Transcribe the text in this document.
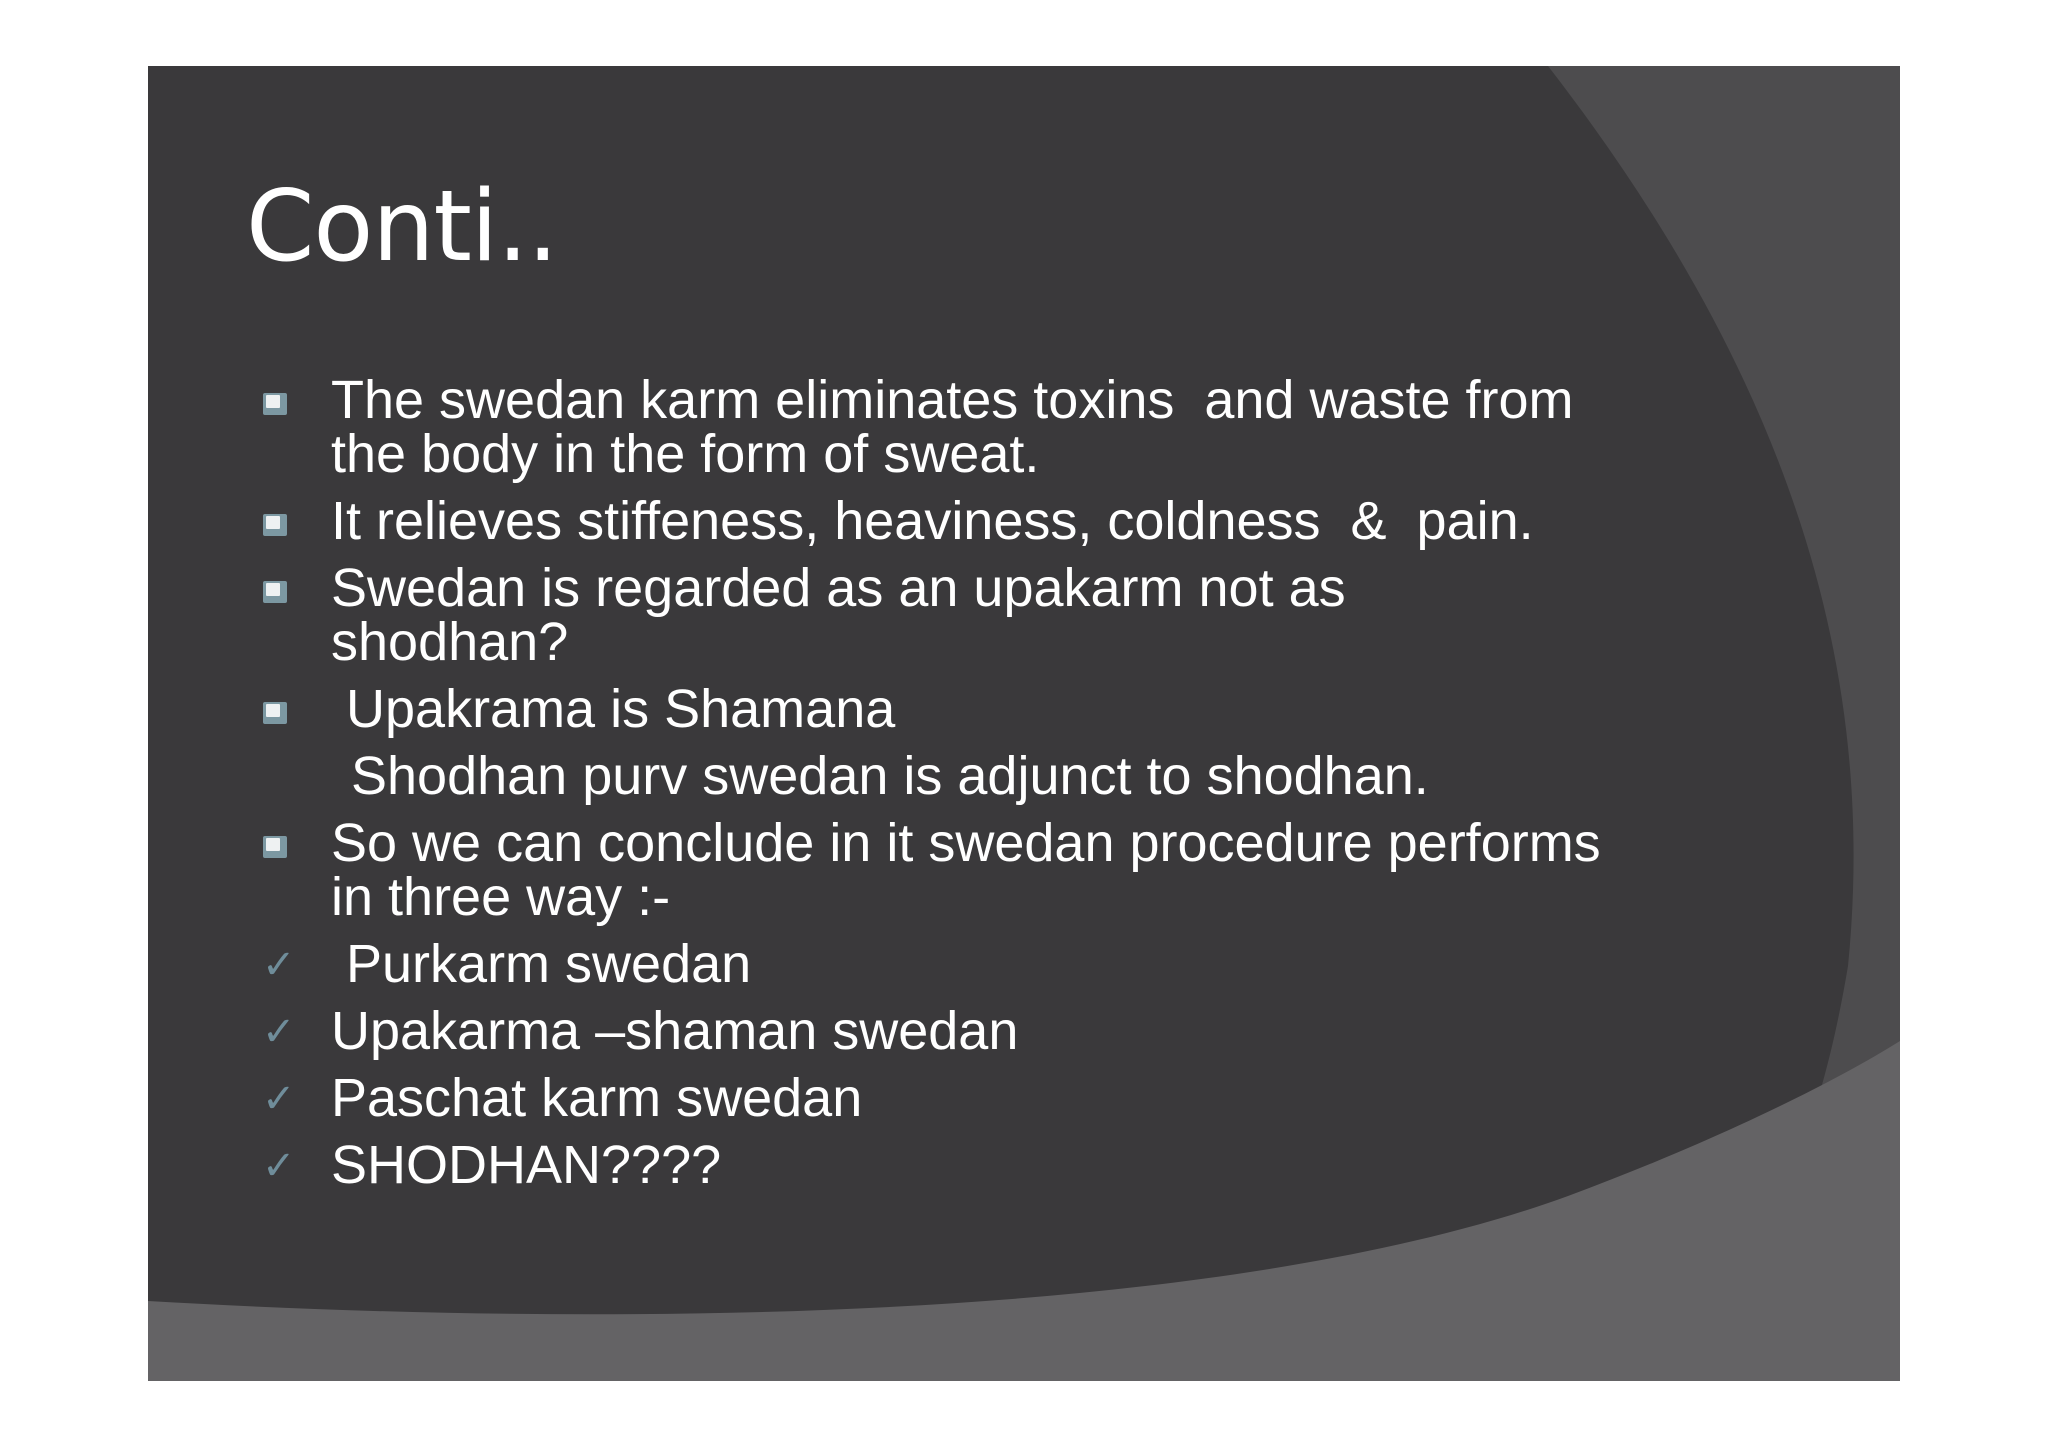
Conti..
The swedan karm eliminates toxins  and waste from
the body in the form of sweat.
It relieves stiffeness, heaviness, coldness  &  pain.
Swedan is regarded as an upakarm not as
shodhan?
Upakrama is Shamana
Shodhan purv swedan is adjunct to shodhan.
So we can conclude in it swedan procedure performs
in three way :-
✓ Purkarm swedan
✓ Upakarma –shaman swedan
✓ Paschat karm swedan
✓ SHODHAN????
